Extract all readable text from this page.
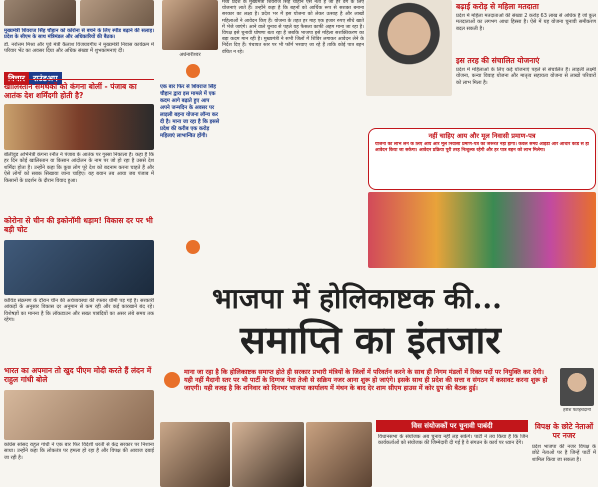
मुख्यमंत्री शिवराज सिंह चौहान को कोरोना से बचने के लिए स्पीड बढ़ाने की सलाह। प्रदेश के सीएम के साथ मंत्रिमंडल और अधिकारियों की बैठक।
डॉ. नरोत्तम मिश्रा और पूर्व मंत्री कैलाश विजयवर्गीय ने मुख्यमंत्री निवास कार्यक्रम में परिवार भेंट का अवसर दिया और अधिक संख्या में शुभकामनाएं दीं।
विचार राउंडअप
खालिस्तान समर्थकों को कंगना बोलीं - पंजाब का आतंक देश शर्मिंदगी होती है?
बॉलीवुड अभिनेत्री कंगना रनौत ने पंजाब के आतंक पर गुस्सा निकाला है। कहा है कि हर दिन कोई खालिस्तान या किसान आंदोलन के नाम पर जो हो रहा है उससे देश शर्मिंदा होता है। उन्होंने कहा कि कुछ लोग पूरे देश को बदनाम करना चाहते हैं और ऐसे लोगों को सबक सिखाया जाना चाहिए। यह बयान तब आया जब पंजाब में किसानों के प्रदर्शन के दौरान विवाद हुआ।
कोरोना से चीन की इकोनॉमी धड़ाम! विकास दर पर भी बड़ी चोट
कोविड संक्रमण के दौरान चीन की अर्थव्यवस्था की रफ्तार धीमी पड़ गई है। सरकारी आंकड़ों के अनुसार विकास दर अनुमान से कम रही और कई कारखाने बंद रहे। विशेषज्ञों का मानना है कि लॉकडाउन और सख्त पाबंदियों का असर लंबे समय तक रहेगा।
भारत का अपमान तो खुद पीएम मोदी करते हैं लंदन में राहुल गांधी बोले
कांग्रेस सांसद राहुल गांधी ने एक बार फिर विदेशी धरती से केंद्र सरकार पर निशाना साधा। उन्होंने कहा कि लोकतंत्र पर हमला हो रहा है और विपक्ष की आवाज दबाई जा रही है।
अर्धनारीश्वर
एक बार फिर से शिवराज सिंह चौहान द्वारा इस मामले में एक कदम आगे बढ़ाते हुए आप अपने जन्मदिन के अवसर पर लाड़ली बहना योजना लॉन्च कर दी है। माना जा रहा है कि इससे प्रदेश की करीब एक करोड़ महिलाएं लाभान्वित होंगी।
मध्य प्रदेश के मुख्यमंत्री शिवराज सिंह चौहान ऐसे नेता हैं जो हर वर्ग के लिए योजनाएं लाते हैं। उन्होंने कहा है कि बहनों को आर्थिक रूप से सशक्त बनाना सरकार का लक्ष्य है। प्रदेश भर में इस योजना को लेकर उत्साह है और लाखों महिलाओं ने आवेदन किए हैं। योजना के तहत हर माह एक हजार रुपए सीधे खाते में भेजे जाएंगे। आने वाले चुनाव से पहले यह फैसला काफी अहम माना जा रहा है। विपक्ष इसे चुनावी घोषणा बता रहा है जबकि भाजपा इसे महिला सशक्तिकरण का बड़ा कदम मान रही है। मुख्यमंत्री ने सभी जिलों में शिविर लगाकर आवेदन लेने के निर्देश दिए हैं। पंचायत स्तर पर भी फॉर्म भरवाए जा रहे हैं ताकि कोई पात्र बहन वंचित न रहे।
बढ़ाई करोड़ से महिला मतदाता
प्रदेश में महिला मतदाताओं की संख्या 2 करोड़ 63 लाख से अधिक है जो कुल मतदाताओं का लगभग आधा हिस्सा है। ऐसे में यह योजना चुनावी समीकरण बदल सकती है।
इस तरह की संचालित योजनाएं
प्रदेश में महिलाओं के लिए कई योजनाएं पहले से संचालित हैं। लाड़ली लक्ष्मी योजना, कन्या विवाह योजना और मातृत्व सहायता योजना से लाखों परिवारों को लाभ मिला है।
नहीं चाहिए आय और मूल निवासी प्रमाण-पत्र
योजना का लाभ लेने के लिए आय और मूल निवासी प्रमाण-पत्र की जरूरत नहीं होगी। केवल समग्र आईडी और आधार कार्ड से ही आवेदन किया जा सकेगा। आवेदन प्रक्रिया पूरी तरह निःशुल्क रहेगी और हर पात्र बहन को लाभ मिलेगा।
भाजपा में होलिकाष्टक की...
समाप्ति का इंतजार
माना जा रहा है कि होलिकाष्टक समाप्त होते ही सरकार प्रभारी मंत्रियों के जिलों में परिवर्तन करने के साथ ही निगम मंडलों में रिक्त पदों पर नियुक्ति कर देगी। यही नहीं मैदानी स्तर पर भी पार्टी के दिग्गज नेता तेजी से सक्रिय नजर आना शुरू हो जाएंगे। इसके साथ ही प्रदेश की सत्ता व संगठन में कसावट करना शुरू हो जाएगी। यही वजह है कि शनिवार को दिनभर भाजपा कार्यालय में मंथन के बाद देर शाम सीएम हाउस में कोर ग्रुप की बैठक हुई।
हरीश फतेहचंदानी
विस संयोजकों पर चुनावी पाबंदी
विधानसभा के संयोजक अब चुनाव नहीं लड़ सकेंगे। पार्टी ने तय किया है कि जिन कार्यकर्ताओं को संयोजक की जिम्मेदारी दी गई है वे संगठन के कार्य पर ध्यान देंगे।
विपक्ष के छोटे नेताओं पर नजर
प्रदेश भाजपा की नजर विपक्ष के छोटे नेताओं पर है जिन्हें पार्टी में शामिल किया जा सकता है।
